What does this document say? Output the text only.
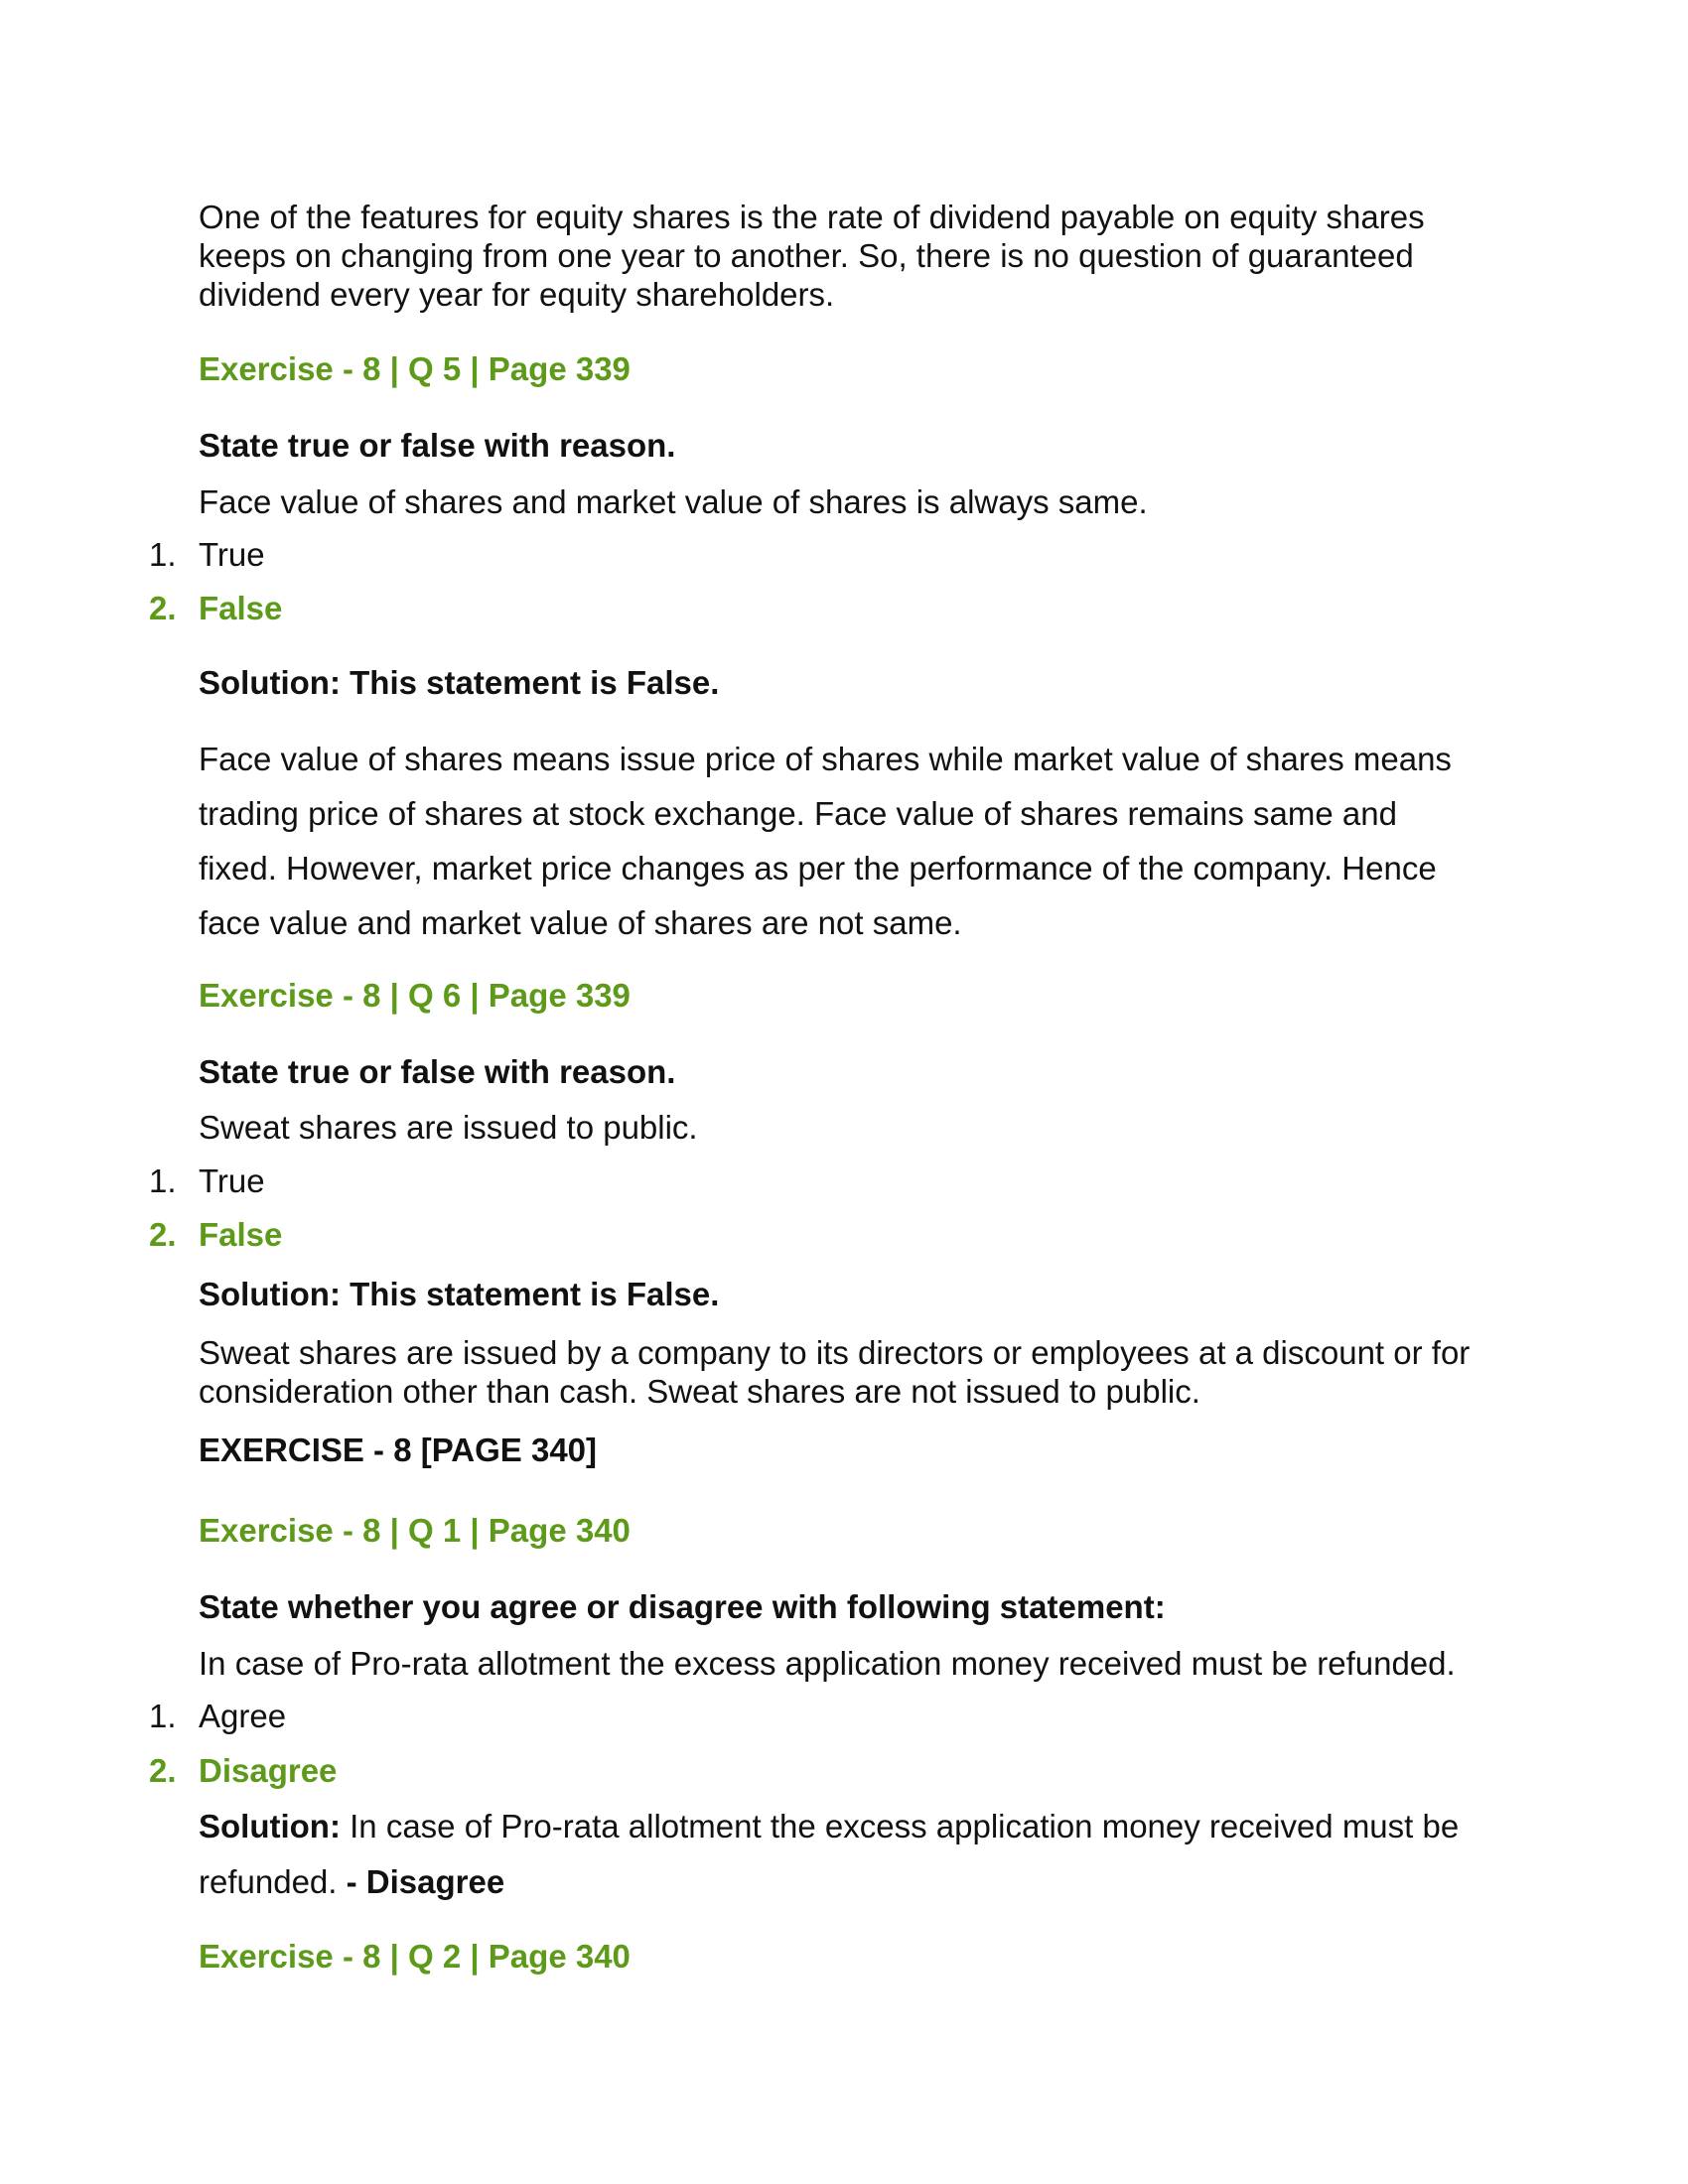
One of the features for equity shares is the rate of dividend payable on equity shares

keeps on changing from one year to another. So, there is no question of guaranteed

dividend every year for equity shareholders.

Exercise - 8 | Q 5 | Page 339

State true or false with reason.

Face value of shares and market value of shares is always same.

1. True

2. False

Solution: This statement is False.

Face value of shares means issue price of shares while market value of shares means

trading price of shares at stock exchange. Face value of shares remains same and

fixed. However, market price changes as per the performance of the company. Hence

face value and market value of shares are not same.

Exercise - 8 | Q 6 | Page 339

State true or false with reason.

Sweat shares are issued to public.

1. True

2. False

Solution: This statement is False.

Sweat shares are issued by a company to its directors or employees at a discount or for

consideration other than cash. Sweat shares are not issued to public.

EXERCISE - 8 [PAGE 340]
Exercise - 8 | Q 1 | Page 340

State whether you agree or disagree with following statement:

In case of Pro-rata allotment the excess application money received must be refunded.

1. Agree

2. Disagree

Solution: In case of Pro-rata allotment the excess application money received must be

refunded. - Disagree

Exercise - 8 | Q 2 | Page 340
